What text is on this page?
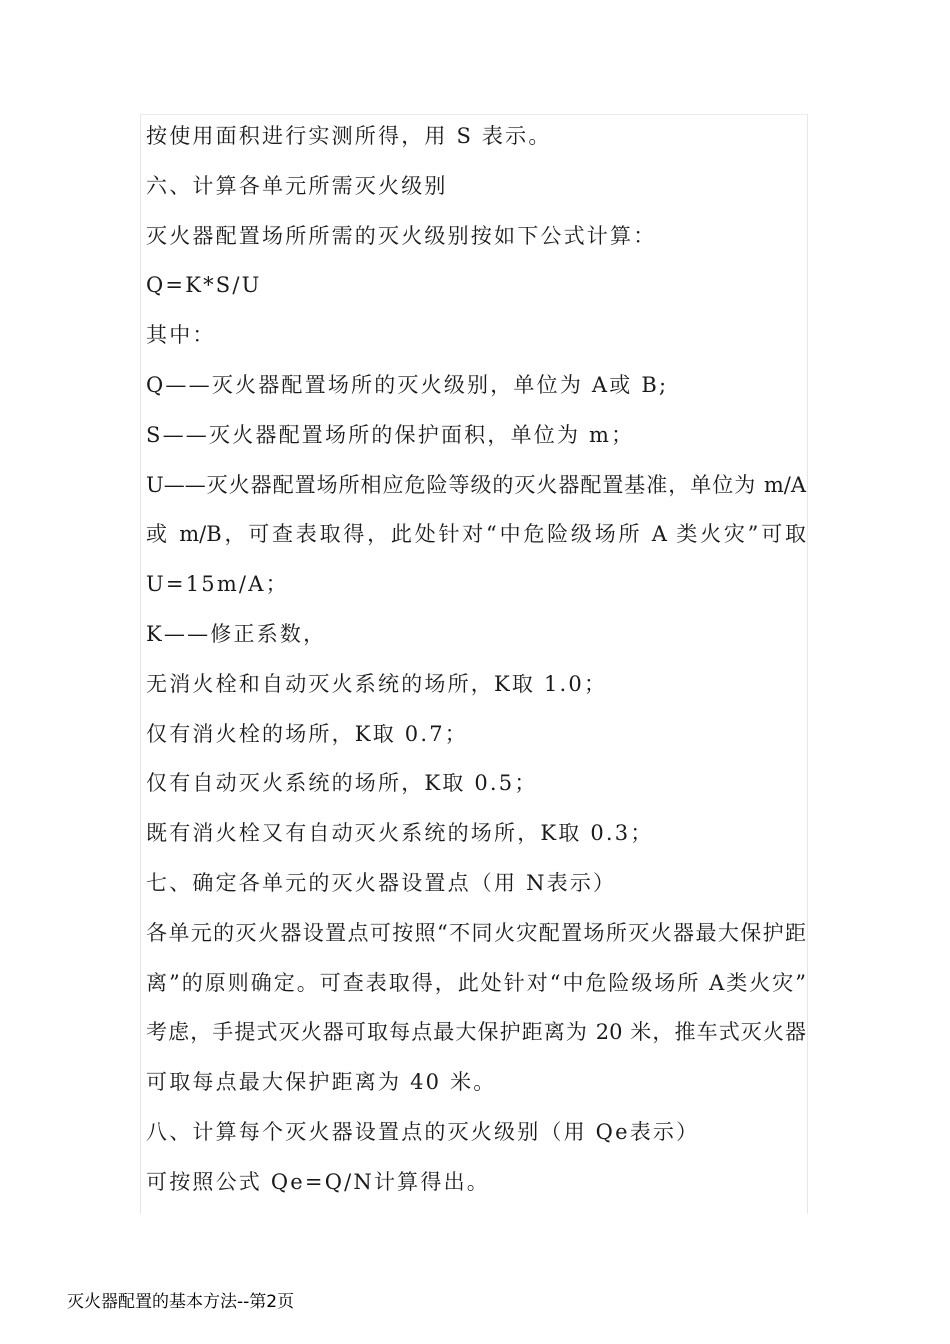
按使用面积进行实测所得，用 S 表示。
六、计算各单元所需灭火级别
灭火器配置场所所需的灭火级别按如下公式计算：
Q=K*S/U
其中：
Q——灭火器配置场所的灭火级别，单位为 A或 B;
S——灭火器配置场所的保护面积，单位为 m；
U——灭火器配置场所相应危险等级的灭火器配置基准，单位为 m/A
或 m/B，可查表取得，此处针对“中危险级场所 A 类火灾”可取
U=15m/A；
K——修正系数，
无消火栓和自动灭火系统的场所，K取 1.0；
仅有消火栓的场所，K取 0.7；
仅有自动灭火系统的场所，K取 0.5；
既有消火栓又有自动灭火系统的场所，K取 0.3；
七、确定各单元的灭火器设置点（用 N表示）
各单元的灭火器设置点可按照“不同火灾配置场所灭火器最大保护距
离”的原则确定。可查表取得，此处针对“中危险级场所 A类火灾”
考虑，手提式灭火器可取每点最大保护距离为 20 米，推车式灭火器
可取每点最大保护距离为 40 米。
八、计算每个灭火器设置点的灭火级别（用 Qe表示）
可按照公式 Qe=Q/N计算得出。
灭火器配置的基本方法--第2页
